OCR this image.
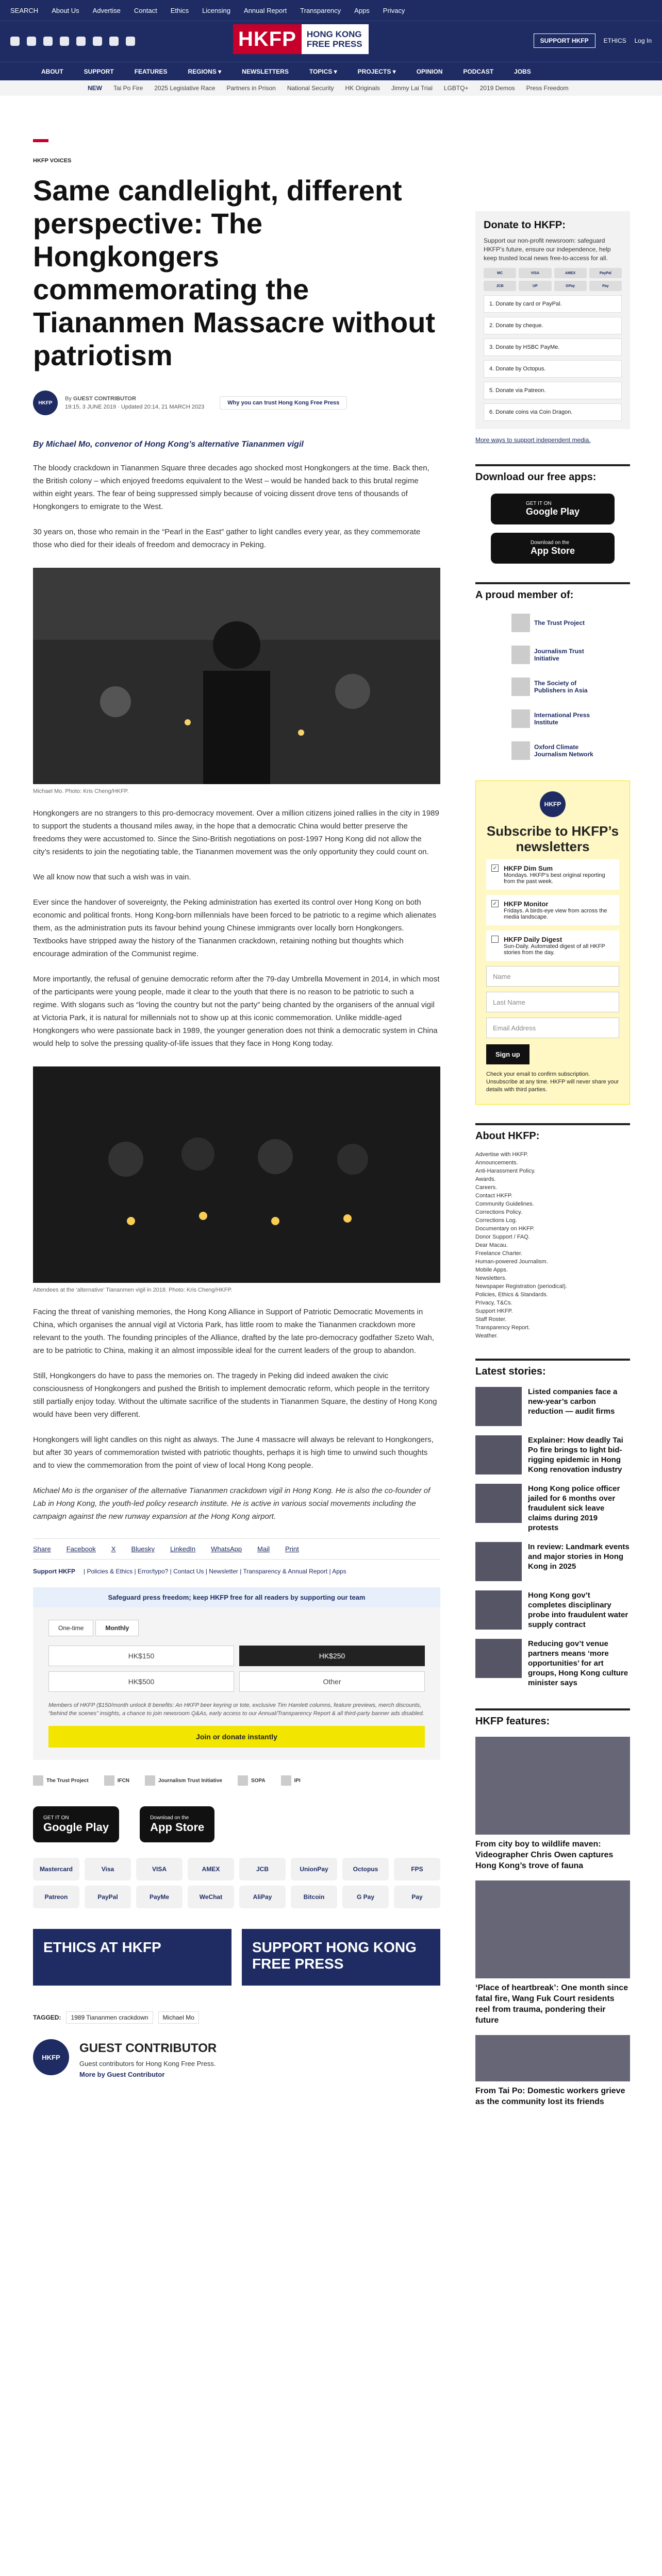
SEARCH About Us Advertise Contact Ethics Licensing Annual Report Transparency Apps Privacy
HKFP	HONG KONG
FREE PRESS	SUPPORT HKFP	ETHICS Log In
ABOUT	SUPPORT	FEATURES	REGIONS ▾	NEWSLETTERS	TOPICS ▾	PROJECTS ▾	OPINION	PODCAST	JOBS
NEW Tai Po Fire 2025 Legislative Race Partners in Prison National Security HK Originals Jimmy Lai Trial LGBTQ+ 2019 Demos Press Freedom
HKFP VOICES
Same candlelight, different perspective: The Hongkongers commemorating the Tiananmen Massacre without patriotism
HKFP
By GUEST CONTRIBUTOR
19:15, 3 JUNE 2019 · Updated 20:14, 21 MARCH 2023
Why you can trust Hong Kong Free Press
By Michael Mo, convenor of Hong Kong’s alternative Tiananmen vigil

The bloody crackdown in Tiananmen Square three decades ago shocked most Hongkongers at the time. Back then, the British colony – which enjoyed freedoms equivalent to the West – would be handed back to this brutal regime within eight years. The fear of being suppressed simply because of voicing dissent drove tens of thousands of Hongkongers to emigrate to the West.

30 years on, those who remain in the “Pearl in the East” gather to light candles every year, as they commemorate those who died for their ideals of freedom and democracy in Peking.

Michael Mo. Photo: Kris Cheng/HKFP.

Hongkongers are no strangers to this pro-democracy movement. Over a million citizens joined rallies in the city in 1989 to support the students a thousand miles away, in the hope that a democratic China would better preserve the freedoms they were accustomed to. Since the Sino-British negotiations on post-1997 Hong Kong did not allow the city’s residents to join the negotiating table, the Tiananmen movement was the only opportunity they could count on.

We all know now that such a wish was in vain.

Ever since the handover of sovereignty, the Peking administration has exerted its control over Hong Kong on both economic and political fronts. Hong Kong-born millennials have been forced to be patriotic to a regime which alienates them, as the administration puts its favour behind young Chinese immigrants over locally born Hongkongers. Textbooks have stripped away the history of the Tiananmen crackdown, retaining nothing but thoughts which encourage admiration of the Communist regime.

More importantly, the refusal of genuine democratic reform after the 79-day Umbrella Movement in 2014, in which most of the participants were young people, made it clear to the youth that there is no reason to be patriotic to such a regime. With slogans such as “loving the country but not the party” being chanted by the organisers of the annual vigil at Victoria Park, it is natural for millennials not to show up at this iconic commemoration. Unlike middle-aged Hongkongers who were passionate back in 1989, the younger generation does not think a democratic system in China would help to solve the pressing quality-of-life issues that they face in Hong Kong today.

Attendees at the ‘alternative’ Tiananmen vigil in 2018. Photo: Kris Cheng/HKFP.

Facing the threat of vanishing memories, the Hong Kong Alliance in Support of Patriotic Democratic Movements in China, which organises the annual vigil at Victoria Park, has little room to make the Tiananmen crackdown more relevant to the youth. The founding principles of the Alliance, drafted by the late pro-democracy godfather Szeto Wah, are to be patriotic to China, making it an almost impossible ideal for the current leaders of the group to abandon.

Still, Hongkongers do have to pass the memories on. The tragedy in Peking did indeed awaken the civic consciousness of Hongkongers and pushed the British to implement democratic reform, which people in the territory still partially enjoy today. Without the ultimate sacrifice of the students in Tiananmen Square, the destiny of Hong Kong would have been very different.

Hongkongers will light candles on this night as always. The June 4 massacre will always be relevant to Hongkongers, but after 30 years of commemoration twisted with patriotic thoughts, perhaps it is high time to unwind such thoughts and to view the commemoration from the point of view of local Hong Kong people.

Michael Mo is the organiser of the alternative Tiananmen crackdown vigil in Hong Kong. He is also the co-founder of Lab in Hong Kong, the youth-led policy research institute. He is active in various social movements including the campaign against the new runway expansion at the Hong Kong airport.

Share Facebook X Bluesky LinkedIn WhatsApp Mail Print
Support HKFP | Policies & Ethics | Error/typo? | Contact Us | Newsletter | Transparency & Annual Report | Apps
Safeguard press freedom; keep HKFP free for all readers by supporting our team
One-time	Monthly
HK$150	HK$250
HK$500	Other
Members of HKFP ($150/month unlock 8 benefits: An HKFP beer keyring or tote, exclusive Tim Hamlett columns, feature previews, merch discounts, “behind the scenes” insights, a chance to join newsroom Q&As, early access to our Annual/Transparency Report & all third-party banner ads disabled.
Join or donate instantly
The Trust Project	IFCN	Journalism Trust Initiative	SOPA	IPI
GET IT ON
Google Play
Download on the
App Store
Mastercard	Visa	VISA	AMEX	JCB	UnionPay	Octopus	FPS
Patreon	PayPal	PayMe	WeChat	AliPay	Bitcoin	G Pay	Pay
ETHICS AT HKFP	SUPPORT HONG KONG FREE PRESS
TAGGED:	1989 Tiananmen crackdown	Michael Mo
HKFP
GUEST CONTRIBUTOR

Guest contributors for Hong Kong Free Press.

More by Guest Contributor
Donate to HKFP:

Support our non-profit newsroom: safeguard HKFP’s future, ensure our independence, help keep trusted local news free-to-access for all.

MC	VISA	AMEX	PayPal
JCB	UP	GPay	Pay
1. Donate by card or PayPal.
2. Donate by cheque.
3. Donate by HSBC PayMe.
4. Donate by Octopus.
5. Donate via Patreon.
6. Donate coins via Coin Dragon.
More ways to support independent media.
Download our free apps:
GET IT ON
Google Play
Download on the
App Store
A proud member of:
The Trust Project
Journalism Trust Initiative
The Society of Publishers in Asia
International Press Institute
Oxford Climate Journalism Network
HKFP
Subscribe to HKFP’s newsletters
✓ HKFP Dim Sum
Mondays. HKFP’s best original reporting from the past week.
✓ HKFP Monitor
Fridays. A birds-eye view from across the media landscape.
HKFP Daily Digest
Sun-Daily. Automated digest of all HKFP stories from the day.
Name
Last Name
Email Address
Sign up

Check your email to confirm subscription. Unsubscribe at any time. HKFP will never share your details with third parties.

About HKFP:
Advertise with HKFP.
Announcements.
Anti-Harassment Policy.
Awards.
Careers.
Contact HKFP.
Community Guidelines.
Corrections Policy.
Corrections Log.
Documentary on HKFP.
Donor Support / FAQ.
Dear Macau.
Freelance Charter.
Human-powered Journalism.
Mobile Apps.
Newsletters.
Newspaper Registration (periodical).
Policies, Ethics & Standards.
Privacy, T&Cs.
Support HKFP.
Staff Roster.
Transparency Report.
Weather.
Latest stories:
Listed companies face a new-year’s carbon reduction — audit firms
Explainer: How deadly Tai Po fire brings to light bid-rigging epidemic in Hong Kong renovation industry
Hong Kong police officer jailed for 6 months over fraudulent sick leave claims during 2019 protests
In review: Landmark events and major stories in Hong Kong in 2025
Hong Kong gov’t completes disciplinary probe into fraudulent water supply contract
Reducing gov’t venue partners means ‘more opportunities’ for art groups, Hong Kong culture minister says
HKFP features:
From city boy to wildlife maven: Videographer Chris Owen captures Hong Kong’s trove of fauna
‘Place of heartbreak’: One month since fatal fire, Wang Fuk Court residents reel from trauma, pondering their future
From Tai Po: Domestic workers grieve as the community lost its friends
